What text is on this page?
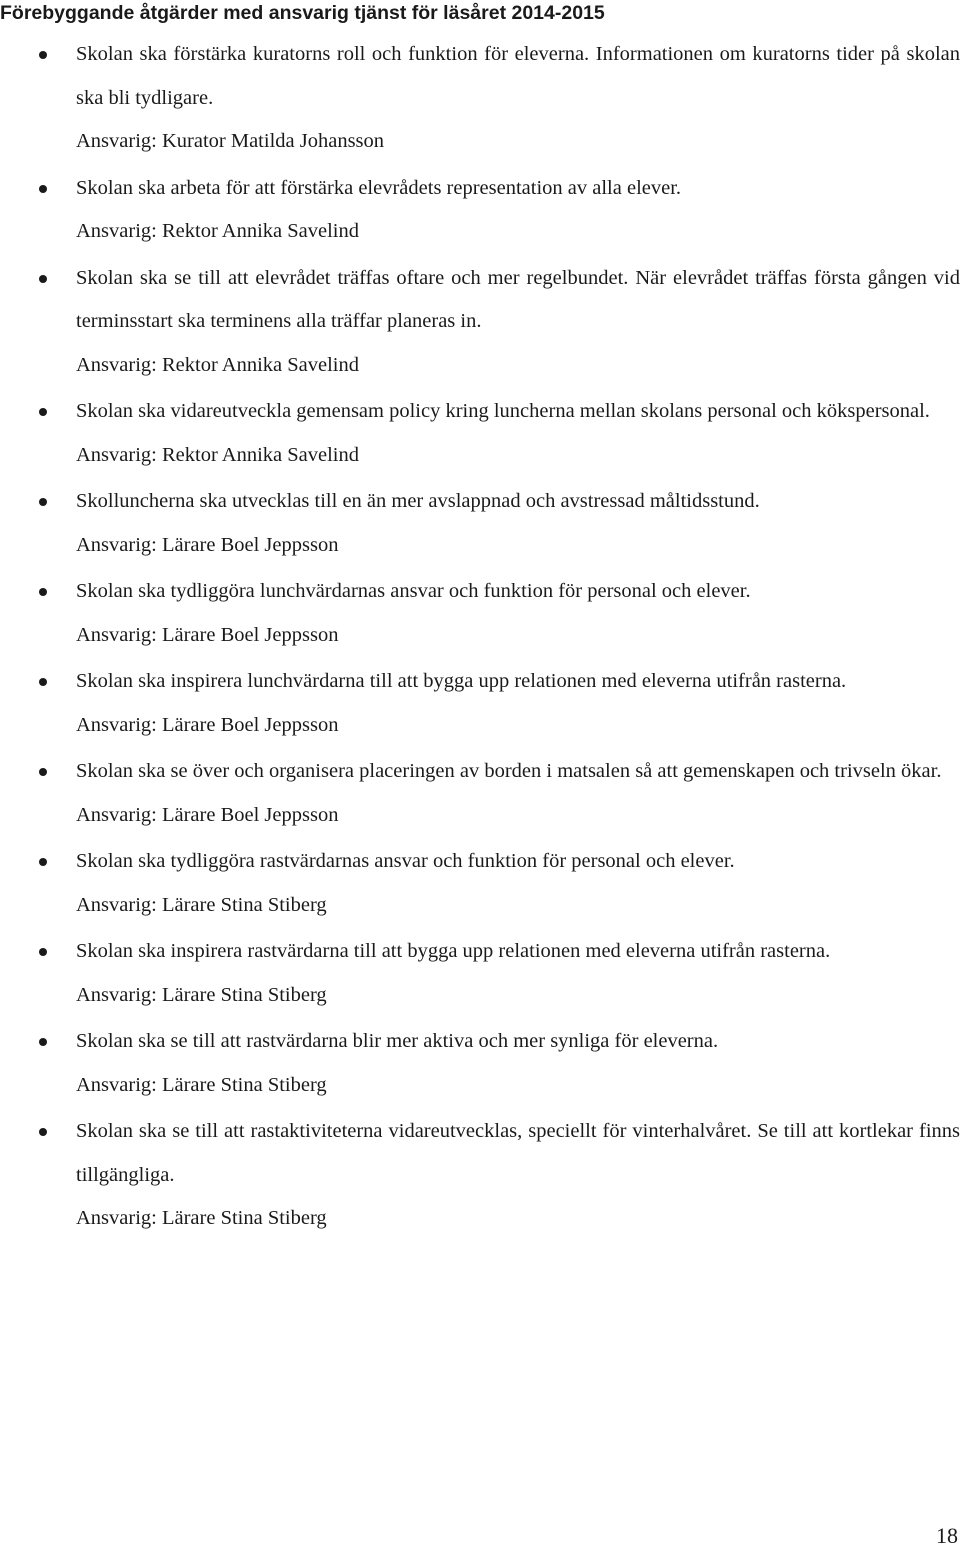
Förebyggande åtgärder med ansvarig tjänst för läsåret 2014-2015
Skolan ska förstärka kuratorns roll och funktion för eleverna. Informationen om kuratorns tider på skolan ska bli tydligare.
Ansvarig: Kurator Matilda Johansson
Skolan ska arbeta för att förstärka elevrådets representation av alla elever.
Ansvarig: Rektor Annika Savelind
Skolan ska se till att elevrådet träffas oftare och mer regelbundet. När elevrådet träffas första gången vid terminsstart ska terminens alla träffar planeras in.
Ansvarig: Rektor Annika Savelind
Skolan ska vidareutveckla gemensam policy kring luncherna mellan skolans personal och kökspersonal.
Ansvarig: Rektor Annika Savelind
Skolluncherna ska utvecklas till en än mer avslappnad och avstressad måltidsstund.
Ansvarig: Lärare Boel Jeppsson
Skolan ska tydliggöra lunchvärdarnas ansvar och funktion för personal och elever.
Ansvarig: Lärare Boel Jeppsson
Skolan ska inspirera lunchvärdarna till att bygga upp relationen med eleverna utifrån rasterna.
Ansvarig: Lärare Boel Jeppsson
Skolan ska se över och organisera placeringen av borden i matsalen så att gemenskapen och trivseln ökar.
Ansvarig: Lärare Boel Jeppsson
Skolan ska tydliggöra rastvärdarnas ansvar och funktion för personal och elever.
Ansvarig: Lärare Stina Stiberg
Skolan ska inspirera rastvärdarna till att bygga upp relationen med eleverna utifrån rasterna.
Ansvarig: Lärare Stina Stiberg
Skolan ska se till att rastvärdarna blir mer aktiva och mer synliga för eleverna.
Ansvarig: Lärare Stina Stiberg
Skolan ska se till att rastaktiviteterna vidareutvecklas, speciellt för vinterhalvåret. Se till att kortlekar finns tillgängliga.
Ansvarig: Lärare Stina Stiberg
18
